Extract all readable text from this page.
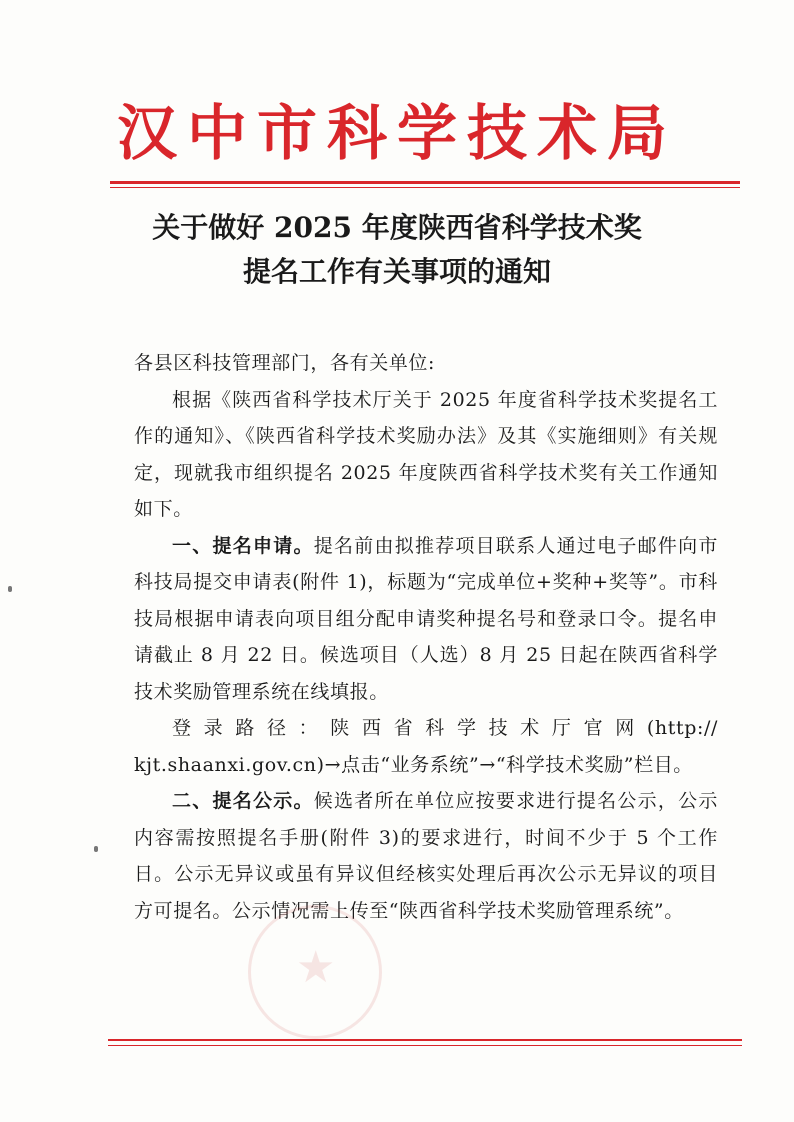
汉中市科学技术局
关于做好 2025 年度陕西省科学技术奖
提名工作有关事项的通知

各县区科技管理部门，各有关单位:

根据《陕西省科学技术厅关于 2025 年度省科学技术奖提名工作的通知》、《陕西省科学技术奖励办法》及其《实施细则》有关规定，现就我市组织提名 2025 年度陕西省科学技术奖有关工作通知如下。

一、提名申请。提名前由拟推荐项目联系人通过电子邮件向市科技局提交申请表(附件 1)，标题为“完成单位+奖种+奖等”。市科技局根据申请表向项目组分配申请奖种提名号和登录口令。提名申请截止 8 月 22 日。候选项目（人选）8 月 25 日起在陕西省科学技术奖励管理系统在线填报。

登录路径：陕西省科学技术厅官网(http:// kjt.shaanxi.gov.cn)→点击“业务系统”→“科学技术奖励”栏目。

二、提名公示。候选者所在单位应按要求进行提名公示，公示内容需按照提名手册(附件 3)的要求进行，时间不少于 5 个工作日。公示无异议或虽有异议但经核实处理后再次公示无异议的项目方可提名。公示情况需上传至“陕西省科学技术奖励管理系统”。

★
